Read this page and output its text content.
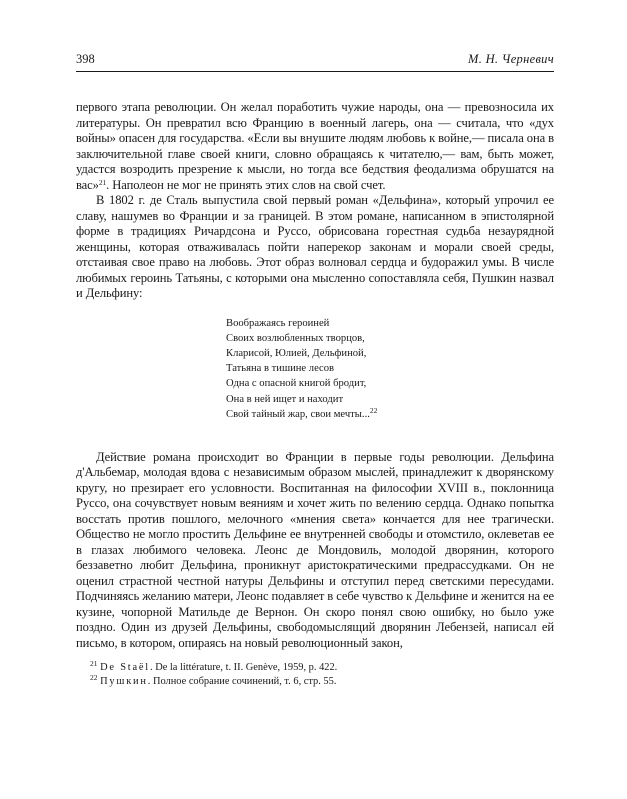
398	М. Н. Черневич

первого этапа революции. Он желал поработить чужие народы, она — превозносила их литературы. Он превратил всю Францию в военный лагерь, она — считала, что «дух войны» опасен для государства. «Если вы внушите людям любовь к войне,— писала она в заключительной главе своей книги, словно обращаясь к читателю,— вам, быть может, удастся возродить презрение к мысли, но тогда все бедствия феодализма обрушатся на вас»$^{21}$. Наполеон не мог не принять этих слов на свой счет.

В 1802 г. де Сталь выпустила свой первый роман «Дельфина», который упрочил ее славу, нашумев во Франции и за границей. В этом романе, написанном в эпистолярной форме в традициях Ричардсона и Руссо, обрисована горестная судьба незаурядной женщины, которая отваживалась пойти наперекор законам и морали своей среды, отстаивая свое право на любовь. Этот образ волновал сердца и будоражил умы. В числе любимых героинь Татьяны, с которыми она мысленно сопоставляла себя, Пушкин назвал и Дельфину:

Воображаясь героиней
Своих возлюбленных творцов,
Кларисой, Юлией, Дельфиной,
Татьяна в тишине лесов
Одна с опасной книгой бродит,
Она в ней ищет и находит
Свой тайный жар, свои мечты...$^{22}$

Действие романа происходит во Франции в первые годы революции. Дельфина д'Альбемар, молодая вдова с независимым образом мыслей, принадлежит к дворянскому кругу, но презирает его условности. Воспитанная на философии XVIII в., поклонница Руссо, она сочувствует новым веяниям и хочет жить по велению сердца. Однако попытка восстать против пошлого, мелочного «мнения света» кончается для нее трагически. Общество не могло простить Дельфине ее внутренней свободы и отомстило, оклеветав ее в глазах любимого человека. Леонс де Мондовиль, молодой дворянин, которого беззаветно любит Дельфина, проникнут аристократическими предрассудками. Он не оценил страстной честной натуры Дельфины и отступил перед светскими пересудами. Подчиняясь желанию матери, Леонс подавляет в себе чувство к Дельфине и женится на ее кузине, чопорной Матильде де Вернон. Он скоро понял свою ошибку, но было уже поздно. Один из друзей Дельфины, свободомыслящий дворянин Лебензей, написал ей письмо, в котором, опираясь на новый революционный закон,

$^{21}$ De Staël. De la littérature, t. II. Genève, 1959, p. 422.
$^{22}$ Пушкин. Полное собрание сочинений, т. 6, стр. 55.
